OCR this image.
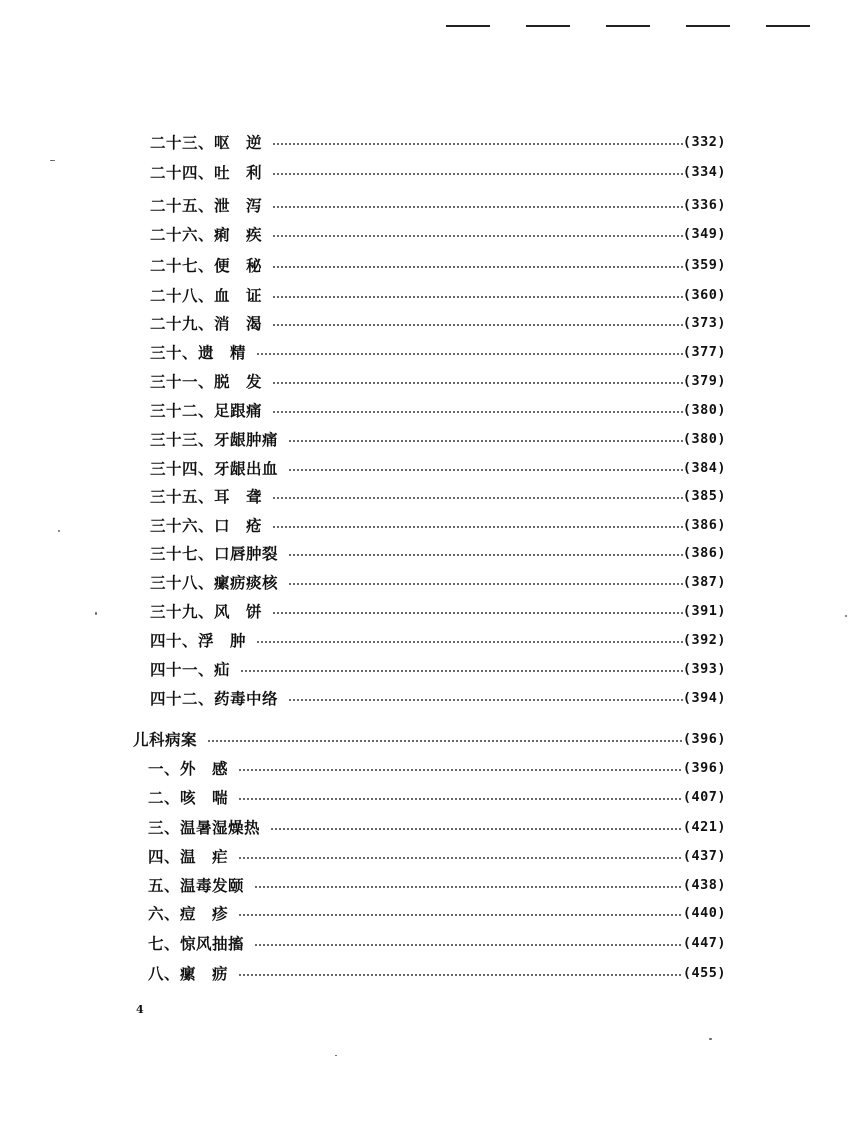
二十三、呕　逆	(332)
二十四、吐　利	(334)
二十五、泄　泻	(336)
二十六、痢　疾	(349)
二十七、便　秘	(359)
二十八、血　证	(360)
二十九、消　渴	(373)
三十、遗　精	(377)
三十一、脱　发	(379)
三十二、足跟痛	(380)
三十三、牙龈肿痛	(380)
三十四、牙龈出血	(384)
三十五、耳　聋	(385)
三十六、口　疮	(386)
三十七、口唇肿裂	(386)
三十八、瘰疬痰核	(387)
三十九、风　饼	(391)
四十、浮　肿	(392)
四十一、疝	(393)
四十二、药毒中络	(394)
儿科病案	(396)
一、外　感	(396)
二、咳　喘	(407)
三、温暑湿燥热	(421)
四、温　疟	(437)
五、温毒发颐	(438)
六、痘　疹	(440)
七、惊风抽搐	(447)
八、瘰　疬	(455)
4
